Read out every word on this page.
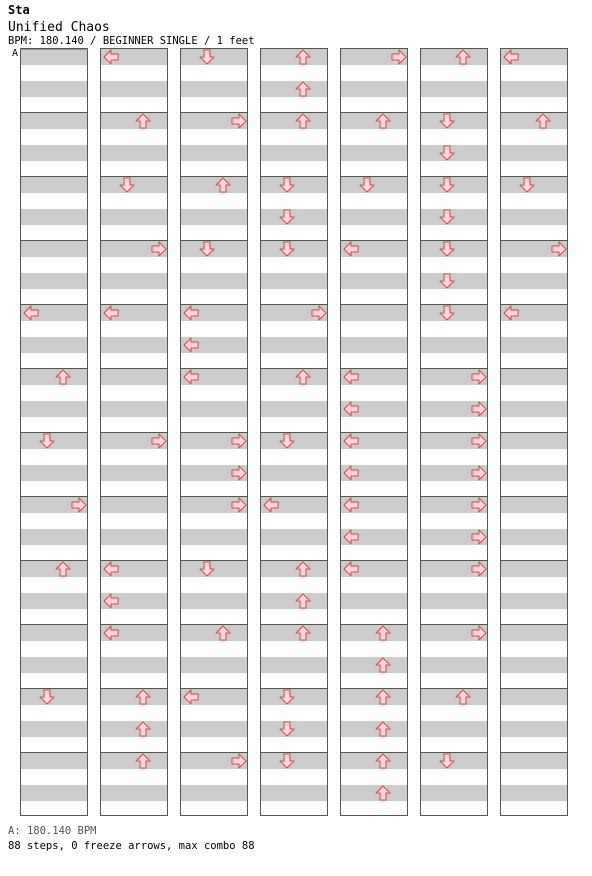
Sta
Unified Chaos
BPM: 180.140 / BEGINNER SINGLE / 1 feet
A
A: 180.140 BPM
88 steps, 0 freeze arrows, max combo 88
